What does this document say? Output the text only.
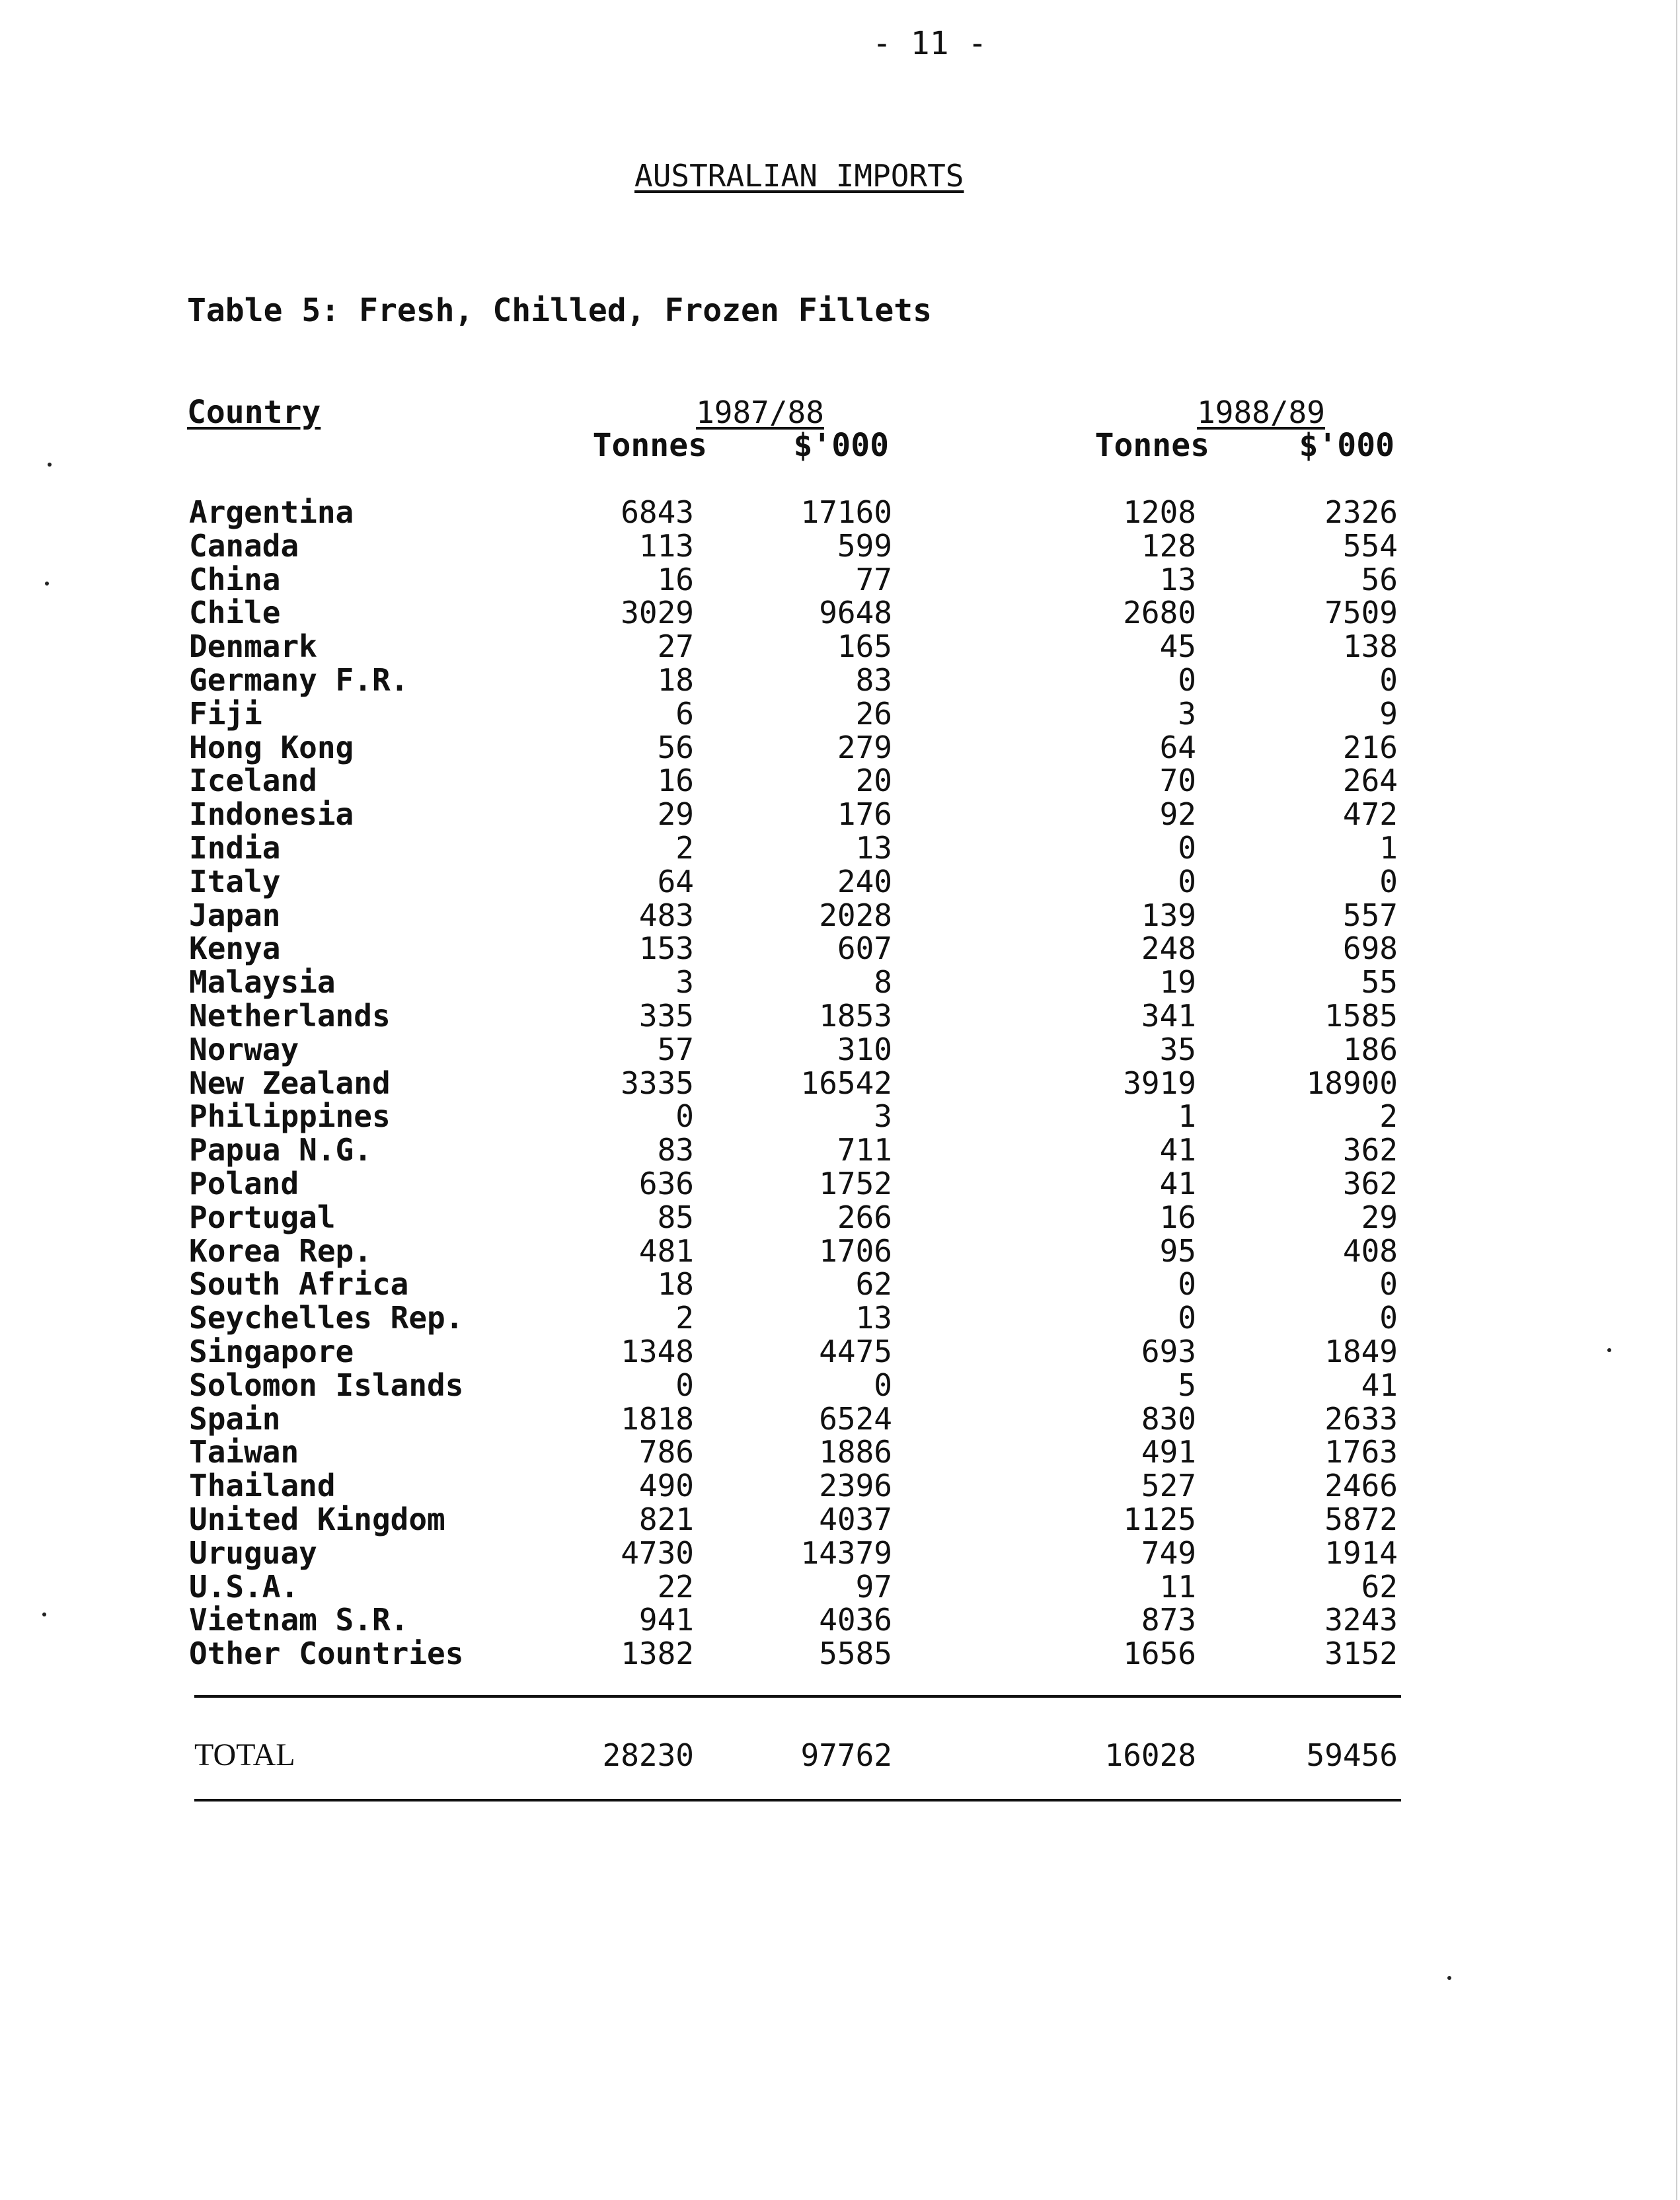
- 11 -
AUSTRALIAN IMPORTS
Table 5: Fresh, Chilled, Frozen Fillets
Country	1987/88	1988/89
Tonnes	$'000	Tonnes	$'000
Argentina	6843	17160	1208	2326
Canada	113	599	128	554
China	16	77	13	56
Chile	3029	9648	2680	7509
Denmark	27	165	45	138
Germany F.R.	18	83	0	0
Fiji	6	26	3	9
Hong Kong	56	279	64	216
Iceland	16	20	70	264
Indonesia	29	176	92	472
India	2	13	0	1
Italy	64	240	0	0
Japan	483	2028	139	557
Kenya	153	607	248	698
Malaysia	3	8	19	55
Netherlands	335	1853	341	1585
Norway	57	310	35	186
New Zealand	3335	16542	3919	18900
Philippines	0	3	1	2
Papua N.G.	83	711	41	362
Poland	636	1752	41	362
Portugal	85	266	16	29
Korea Rep.	481	1706	95	408
South Africa	18	62	0	0
Seychelles Rep.	2	13	0	0
Singapore	1348	4475	693	1849
Solomon Islands	0	0	5	41
Spain	1818	6524	830	2633
Taiwan	786	1886	491	1763
Thailand	490	2396	527	2466
United Kingdom	821	4037	1125	5872
Uruguay	4730	14379	749	1914
U.S.A.	22	97	11	62
Vietnam S.R.	941	4036	873	3243
Other Countries	1382	5585	1656	3152
TOTAL	28230	97762	16028	59456
